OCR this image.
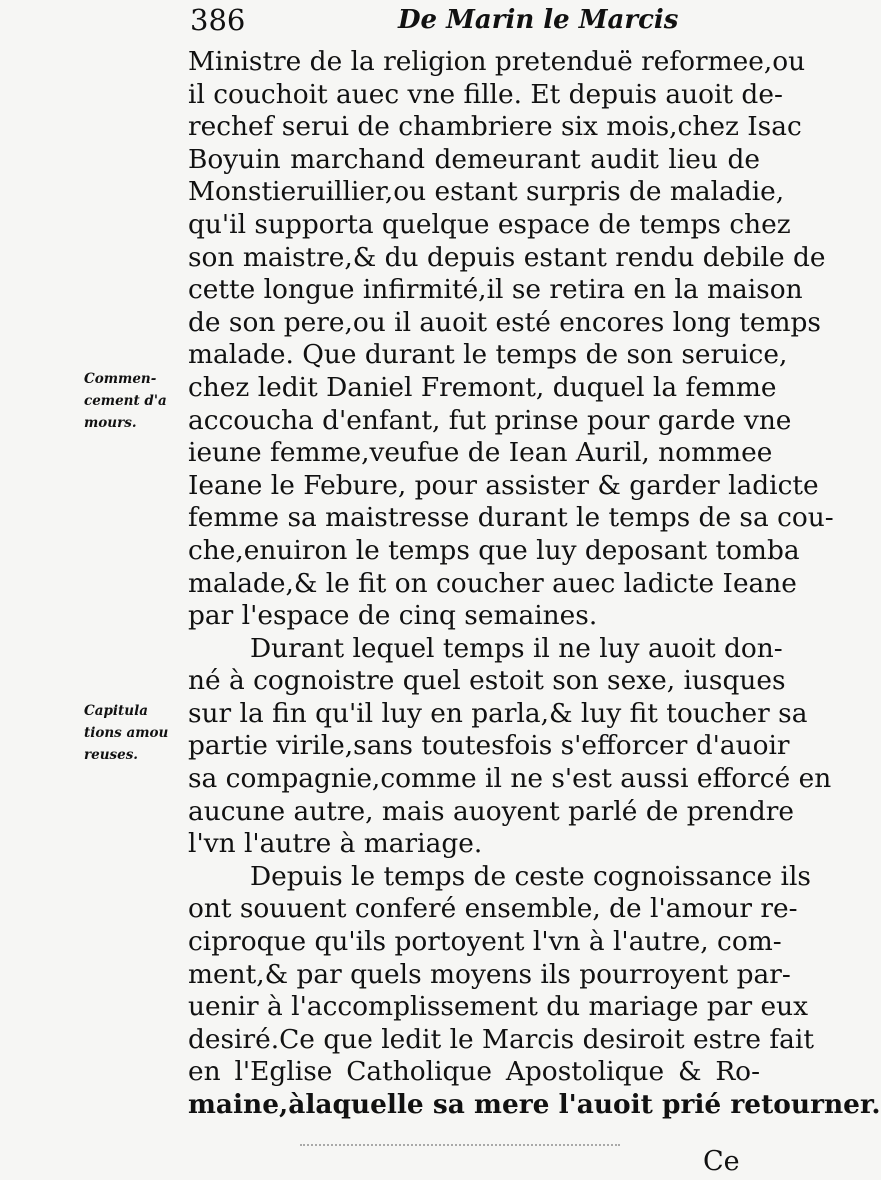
386	De Marin le Marcis
Ministre de la religion pretenduë reformee,ou
il couchoit auec vne fille. Et depuis auoit de-
rechef serui de chambriere six mois,chez Isac
Boyuin marchand demeurant audit lieu de
Monstieruillier,ou estant surpris de maladie,
qu'il supporta quelque espace de temps chez
son maistre,& du depuis estant rendu debile de
cette longue infirmité,il se retira en la maison
de son pere,ou il auoit esté encores long temps
malade. Que durant le temps de son seruice,
chez ledit Daniel Fremont, duquel la femme
accoucha d'enfant, fut prinse pour garde vne
ieune femme,veufue de Iean Auril, nommee
Ieane le Febure, pour assister & garder ladicte
femme sa maistresse durant le temps de sa cou-
che,enuiron le temps que luy deposant tomba
malade,& le fit on coucher auec ladicte Ieane
par l'espace de cinq semaines.
Durant lequel temps il ne luy auoit don-
né à cognoistre quel estoit son sexe, iusques
sur la fin qu'il luy en parla,& luy fit toucher sa
partie virile,sans toutesfois s'efforcer d'auoir
sa compagnie,comme il ne s'est aussi efforcé en
aucune autre, mais auoyent parlé de prendre
l'vn l'autre à mariage.
Depuis le temps de ceste cognoissance ils
ont souuent conferé ensemble, de l'amour re-
ciproque qu'ils portoyent l'vn à l'autre, com-
ment,& par quels moyens ils pourroyent par-
uenir à l'accomplissement du mariage par eux
desiré.Ce que ledit le Marcis desiroit estre fait
en l'Eglise Catholique Apostolique & Ro-
maine,àlaquelle sa mere l'auoit prié retourner.
Commen-
cement d'a
mours.
Capitula
tions amou
reuses.
Ce
